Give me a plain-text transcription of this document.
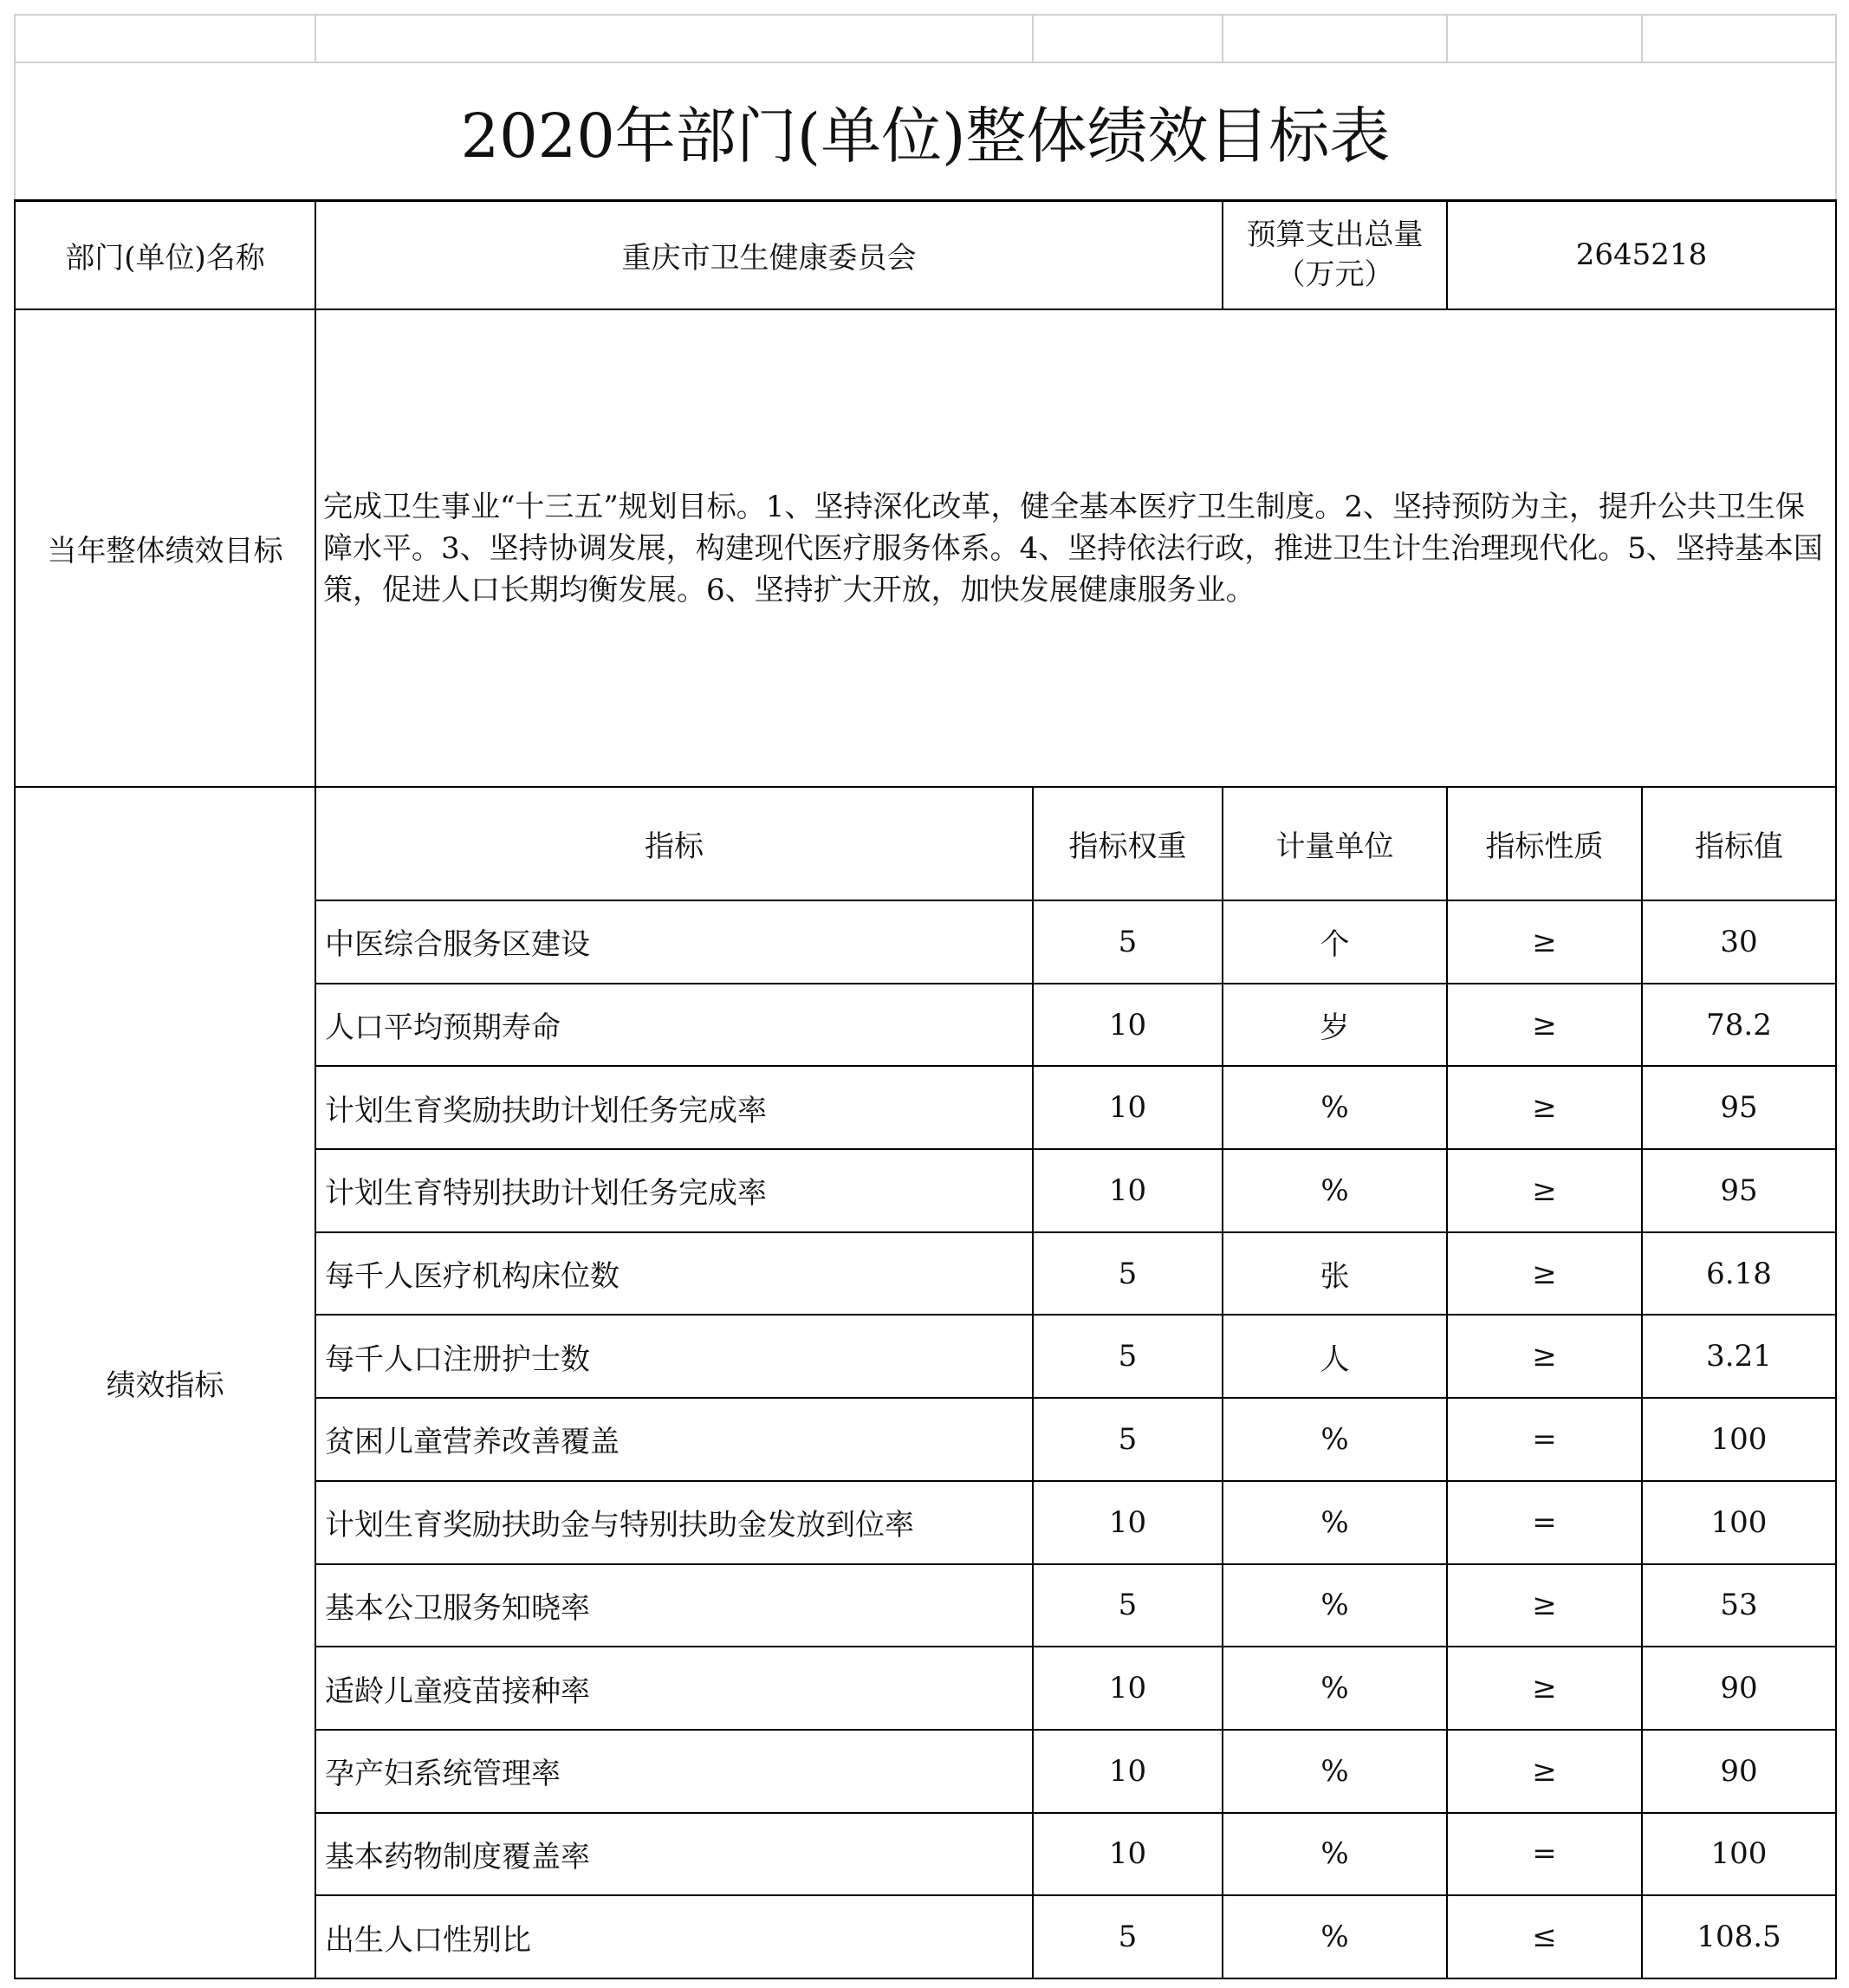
2020年部门(单位)整体绩效目标表					
部门(单位)名称	重庆市卫生健康委员会		预算支出总量
（万元）	2645218	
当年整体绩效目标	完成卫生事业“十三五”规划目标。1、坚持深化改革，健全基本医疗卫生制度。2、坚持预防为主，提升公共卫生保障水平。3、坚持协调发展，构建现代医疗服务体系。4、坚持依法行政，推进卫生计生治理现代化。5、坚持基本国策，促进人口长期均衡发展。6、坚持扩大开放，加快发展健康服务业。				
绩效指标	指标	指标权重	计量单位	指标性质	指标值
	中医综合服务区建设	5	个	≥	30
	人口平均预期寿命	10	岁	≥	78.2
	计划生育奖励扶助计划任务完成率	10	%	≥	95
	计划生育特别扶助计划任务完成率	10	%	≥	95
	每千人医疗机构床位数	5	张	≥	6.18
	每千人口注册护士数	5	人	≥	3.21
	贫困儿童营养改善覆盖	5	%	=	100
	计划生育奖励扶助金与特别扶助金发放到位率	10	%	=	100
	基本公卫服务知晓率	5	%	≥	53
	适龄儿童疫苗接种率	10	%	≥	90
	孕产妇系统管理率	10	%	≥	90
	基本药物制度覆盖率	10	%	=	100
	出生人口性别比	5	%	≤	108.5
